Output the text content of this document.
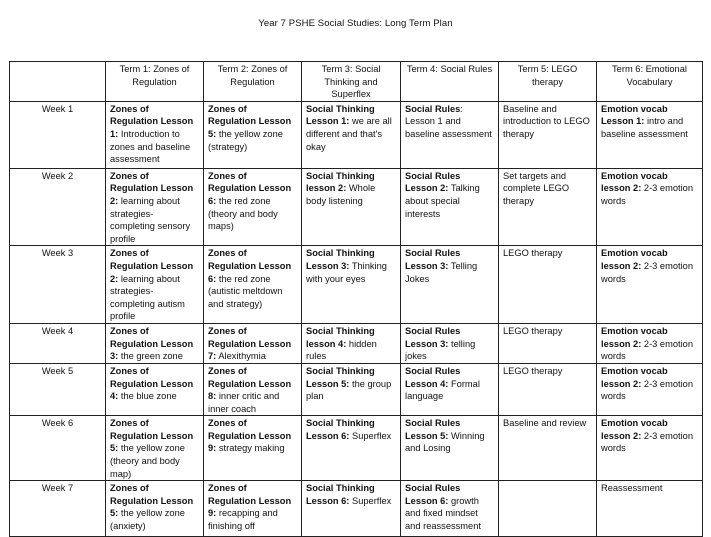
Year 7 PSHE Social Studies: Long Term Plan
	Term 1: Zones of Regulation	Term 2: Zones of Regulation	Term 3: Social Thinking and Superflex	Term 4: Social Rules	Term 5: LEGO therapy	Term 6: Emotional Vocabulary
Week 1	Zones of Regulation Lesson 1: Introduction to zones and baseline assessment	Zones of Regulation Lesson 5: the yellow zone (strategy)	Social Thinking Lesson 1: we are all different and that's okay	Social Rules: Lesson 1 and baseline assessment	Baseline and introduction to LEGO therapy	Emotion vocab Lesson 1: intro and baseline assessment
Week 2	Zones of Regulation Lesson 2: learning about strategies- completing sensory profile	Zones of Regulation Lesson 6: the red zone (theory and body maps)	Social Thinking lesson 2: Whole body listening	Social Rules Lesson 2: Talking about special interests	Set targets and complete LEGO therapy	Emotion vocab lesson 2: 2-3 emotion words
Week 3	Zones of Regulation Lesson 2: learning about strategies- completing autism profile	Zones of Regulation Lesson 6: the red zone (autistic meltdown and strategy)	Social Thinking Lesson 3: Thinking with your eyes	Social Rules Lesson 3: Telling Jokes	LEGO therapy	Emotion vocab lesson 2: 2-3 emotion words
Week 4	Zones of Regulation Lesson 3: the green zone	Zones of Regulation Lesson 7: Alexithymia	Social Thinking lesson 4: hidden rules	Social Rules Lesson 3: telling jokes	LEGO therapy	Emotion vocab lesson 2: 2-3 emotion words
Week 5	Zones of Regulation Lesson 4: the blue zone	Zones of Regulation Lesson 8: inner critic and inner coach	Social Thinking Lesson 5: the group plan	Social Rules Lesson 4: Formal language	LEGO therapy	Emotion vocab lesson 2: 2-3 emotion words
Week 6	Zones of Regulation Lesson 5: the yellow zone (theory and body map)	Zones of Regulation Lesson 9: strategy making	Social Thinking Lesson 6: Superflex	Social Rules Lesson 5: Winning and Losing	Baseline and review	Emotion vocab lesson 2: 2-3 emotion words
Week 7	Zones of Regulation Lesson 5: the yellow zone (anxiety)	Zones of Regulation Lesson 9: recapping and finishing off	Social Thinking Lesson 6: Superflex	Social Rules Lesson 6: growth and fixed mindset and reassessment		Reassessment
